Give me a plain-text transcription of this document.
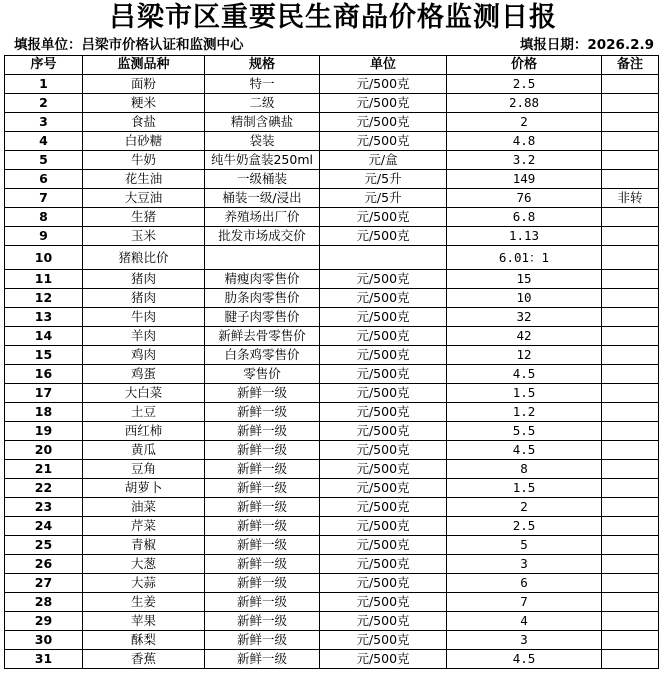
吕梁市区重要民生商品价格监测日报
填报单位：吕梁市价格认证和监测中心	填报日期：2026.2.9
序号	监测品种	规格	单位	价格	备注
1	面粉	特一	元/500克	2.5	
2	粳米	二级	元/500克	2.88	
3	食盐	精制含碘盐	元/500克	2	
4	白砂糖	袋装	元/500克	4.8	
5	牛奶	纯牛奶盒装250ml	元/盒	3.2	
6	花生油	一级桶装	元/5升	149	
7	大豆油	桶装一级/浸出	元/5升	76	非转
8	生猪	养殖场出厂价	元/500克	6.8	
9	玉米	批发市场成交价	元/500克	1.13	
10	猪粮比价			6.01：1	
11	猪肉	精瘦肉零售价	元/500克	15	
12	猪肉	肋条肉零售价	元/500克	10	
13	牛肉	腱子肉零售价	元/500克	32	
14	羊肉	新鲜去骨零售价	元/500克	42	
15	鸡肉	白条鸡零售价	元/500克	12	
16	鸡蛋	零售价	元/500克	4.5	
17	大白菜	新鲜一级	元/500克	1.5	
18	土豆	新鲜一级	元/500克	1.2	
19	西红柿	新鲜一级	元/500克	5.5	
20	黄瓜	新鲜一级	元/500克	4.5	
21	豆角	新鲜一级	元/500克	8	
22	胡萝卜	新鲜一级	元/500克	1.5	
23	油菜	新鲜一级	元/500克	2	
24	芹菜	新鲜一级	元/500克	2.5	
25	青椒	新鲜一级	元/500克	5	
26	大葱	新鲜一级	元/500克	3	
27	大蒜	新鲜一级	元/500克	6	
28	生姜	新鲜一级	元/500克	7	
29	苹果	新鲜一级	元/500克	4	
30	酥梨	新鲜一级	元/500克	3	
31	香蕉	新鲜一级	元/500克	4.5	
